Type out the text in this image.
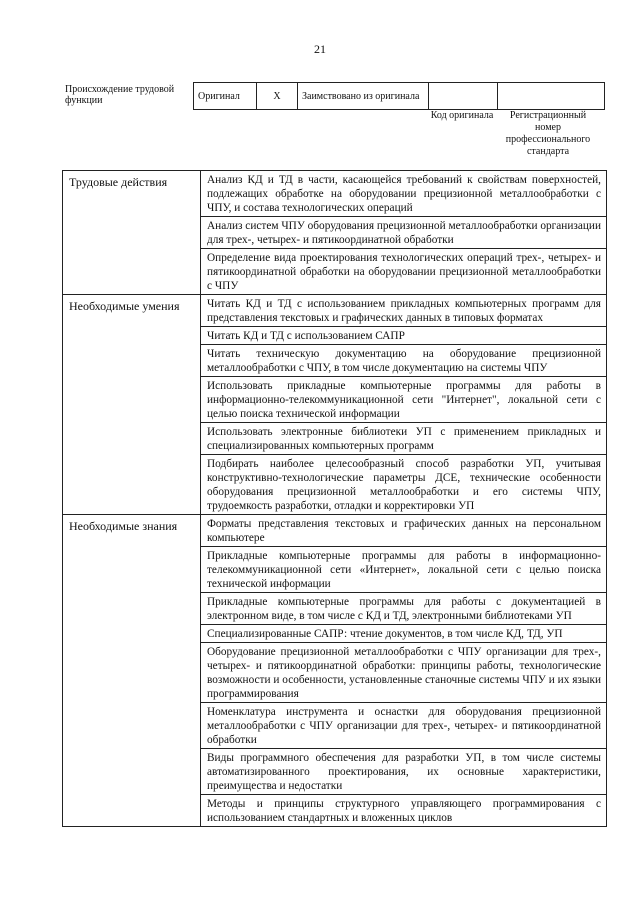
21
Происхождение трудовой функции	Оригинал	X	Заимствовано из оригинала		
Код оригинала	Регистрационный номер профессионального стандарта
Трудовые действия	Анализ КД и ТД в части, касающейся требований к свойствам поверхностей, подлежащих обработке на оборудовании прецизионной металлообработки с ЧПУ, и состава технологических операций
	Анализ систем ЧПУ оборудования прецизионной металлообработки организации для трех-, четырех- и пятикоординатной обработки
	Определение вида проектирования технологических операций трех-, четырех- и пятикоординатной обработки на оборудовании прецизионной металлообработки с ЧПУ
Необходимые умения	Читать КД и ТД с использованием прикладных компьютерных программ для представления текстовых и графических данных в типовых форматах
	Читать КД и ТД с использованием САПР
	Читать техническую документацию на оборудование прецизионной металлообработки с ЧПУ, в том числе документацию на системы ЧПУ
	Использовать прикладные компьютерные программы для работы в информационно-телекоммуникационной сети "Интернет", локальной сети с целью поиска технической информации
	Использовать электронные библиотеки УП с применением прикладных и специализированных компьютерных программ
	Подбирать наиболее целесообразный способ разработки УП, учитывая конструктивно-технологические параметры ДСЕ, технические особенности оборудования прецизионной металлообработки и его системы ЧПУ, трудоемкость разработки, отладки и корректировки УП
Необходимые знания	Форматы представления текстовых и графических данных на персональном компьютере
	Прикладные компьютерные программы для работы в информационно-телекоммуникационной сети «Интернет», локальной сети с целью поиска технической информации
	Прикладные компьютерные программы для работы с документацией в электронном виде, в том числе с КД и ТД, электронными библиотеками УП
	Специализированные САПР: чтение документов, в том числе КД, ТД, УП
	Оборудование прецизионной металлообработки с ЧПУ организации для трех-, четырех- и пятикоординатной обработки: принципы работы, технологические возможности и особенности, установленные станочные системы ЧПУ и их языки программирования
	Номенклатура инструмента и оснастки для оборудования прецизионной металлообработки с ЧПУ организации для трех-, четырех- и пятикоординатной обработки
	Виды программного обеспечения для разработки УП, в том числе системы автоматизированного проектирования, их основные характеристики, преимущества и недостатки
	Методы и принципы структурного управляющего программирования с использованием стандартных и вложенных циклов
